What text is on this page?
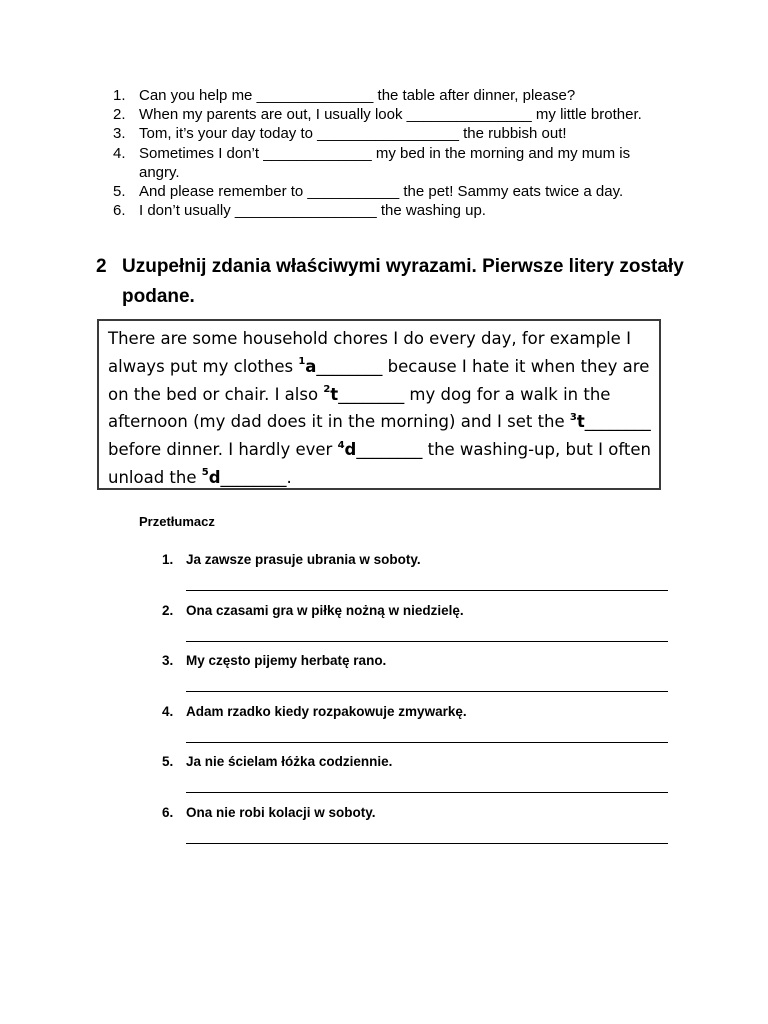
1. Can you help me ______________ the table after dinner, please?
2. When my parents are out, I usually look _______________ my little brother.
3. Tom, it’s your day today to _________________ the rubbish out!
4. Sometimes I don’t _____________ my bed in the morning and my mum is angry.
5. And please remember to ___________ the pet! Sammy eats twice a day.
6. I don’t usually _________________ the washing up.
2 Uzupełnij zdania właściwymi wyrazami. Pierwsze litery zostały podane.
There are some household chores I do every day, for example I always put my clothes $^1$a________ because I hate it when they are on the bed or chair. I also $^2$t________ my dog for a walk in the afternoon (my dad does it in the morning) and I set the $^3$t________ before dinner. I hardly ever $^4$d________ the washing-up, but I often unload the $^5$d________.
Przetłumacz
1. Ja zawsze prasuje ubrania w soboty.
2. Ona czasami gra w piłkę nożną w niedzielę.
3. My często pijemy herbatę rano.
4. Adam rzadko kiedy rozpakowuje zmywarkę.
5. Ja nie ścielam łóżka codziennie.
6. Ona nie robi kolacji w soboty.
